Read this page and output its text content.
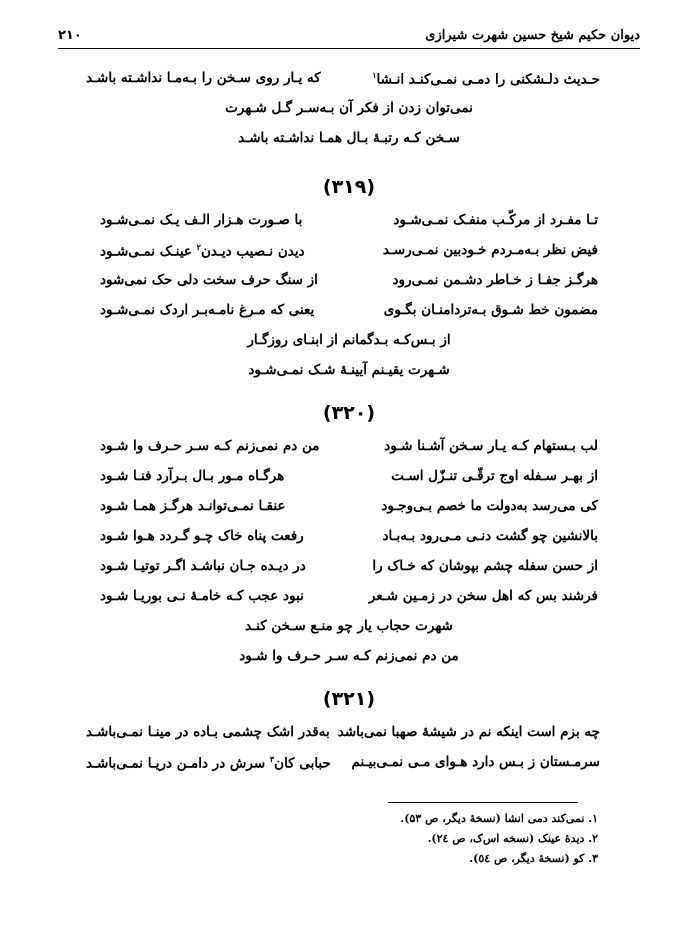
دیوان حکیم شیخ حسین شهرت شیرازی
۲۱۰
حـدیث دلـشکنی را دمـی نمـی‌کنـد انـشا$^١$
که یـار روی سـخن را بـه‌مـا نداشـته باشـد
نمی‌توان زدن از فکر آن بـه‌سـر گـل شـهرت
سـخن کـه رتبـهٔ بـال همـا نداشـته باشـد
(۳۱۹)
تـا مفـرد از مرکّـب منفـک نمـی‌شـود
با صـورت هـزار الـف یـک نمـی‌شـود
فیض نظر بـه‌مـردم خـودبین نمـی‌رسـد
دیدن نـصیب دیـدن$^٢$ عینـک نمـی‌شـود
هرگـز جفـا ز خـاطر دشـمن نمـی‌رود
از سنگ حرف سخت دلی حک نمی‌شود
مضمون خط شـوق بـه‌تردامنـان بگـوی
یعنی که مـرغ نامـه‌بـر اردک نمـی‌شـود
از بـس‌کـه بـدگمانم از ابنـای روزگـار
شـهرت یقیـنم آیینـهٔ شـک نمـی‌شـود
(۳۲۰)
لب بـستهام کـه یـار سـخن آشـنا شـود
من دم نمی‌زنم کـه سـر حـرف وا شـود
از بهـر سـفله اوج ترقّـی تنـزّل اسـت
هرگـاه مـور بـال بـرآرد فنـا شـود
کی می‌رسد به‌دولت ما خصم بـی‌وجـود
عنقـا نمـی‌توانـد هرگـز همـا شـود
بالانشین چو گشت دنـی مـی‌رود بـه‌بـاد
رفعت پناه خاک چـو گـردد هـوا شـود
از حسن سفله چشم بپوشان که خـاک را
در دیـده جـان نباشـد اگـر توتیـا شـود
فرشند بس که اهل سخن در زمـین شـعر
نبود عجب کـه خامـهٔ نـی بوریـا شـود
شهرت حجاب یار چو منـع سـخن کنـد
من دم نمی‌زنم کـه سـر حـرف وا شـود
(۳۲۱)
چه بزم است اینکه نم در شیشهٔ صهبا نمی‌باشد
به‌قدر اشک چشمی بـاده در مینـا نمـی‌باشـد
سرمـستان ز بـس دارد هـوای مـی نمـی‌بیـنم
حبابی کان$^٣$ سرش در دامـن دریـا نمـی‌باشـد
١. نمی‌کند دمی انشا (نسخهٔ دیگر، ص ۵۳).
٢. دیدهٔ عینک (نسخه اس‌ک، ص ٢٤).
٣. کو (نسخهٔ دیگر، ص ٥٤).
